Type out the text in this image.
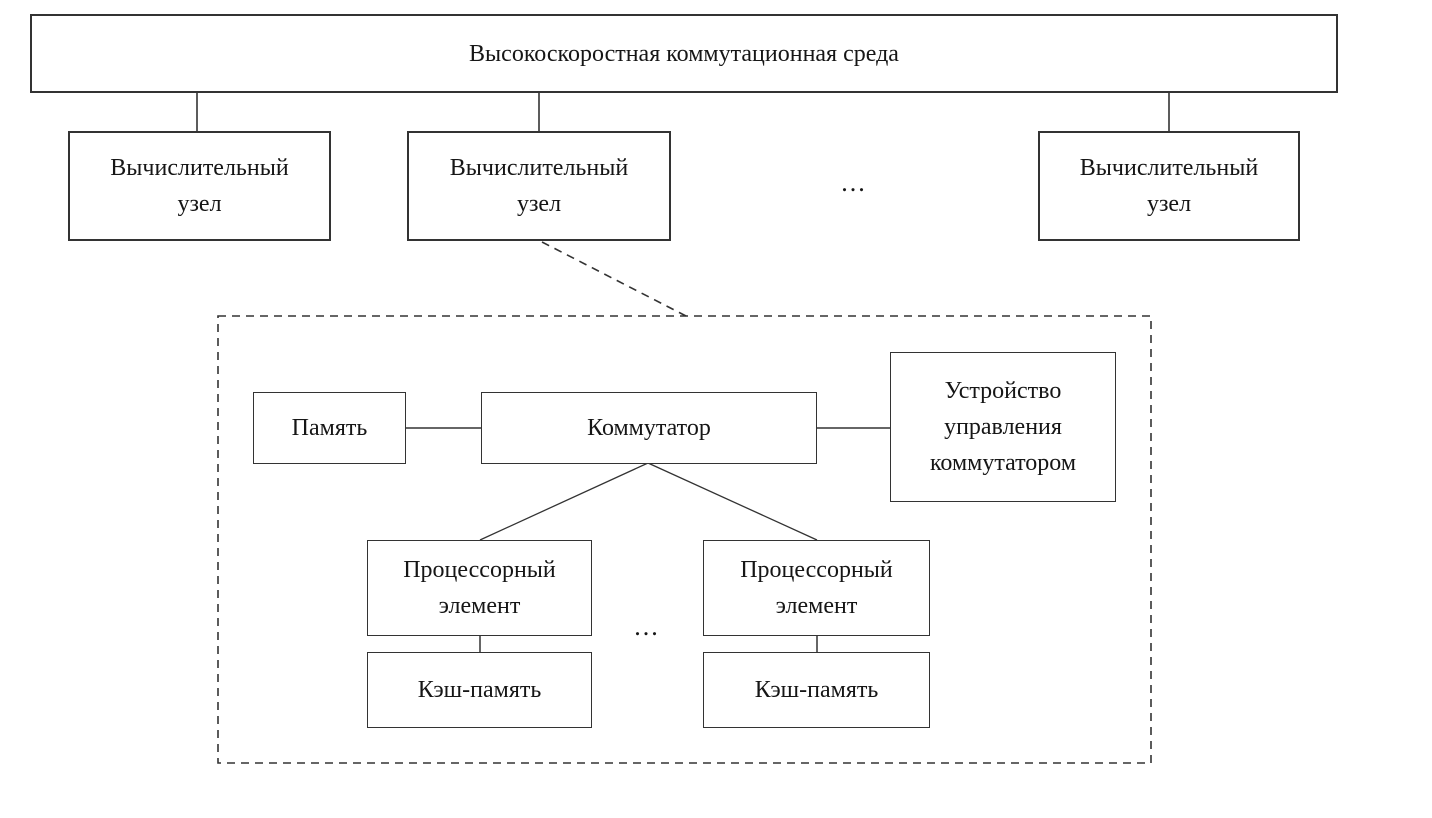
Высокоскоростная коммутационная среда
Вычислительный узел
Вычислительный узел
...	Вычислительный узел
Память	Коммутатор
Устройство управления коммутатором
Процессорный элемент
...
Процессорный элемент
Кэш-память	Кэш-память
